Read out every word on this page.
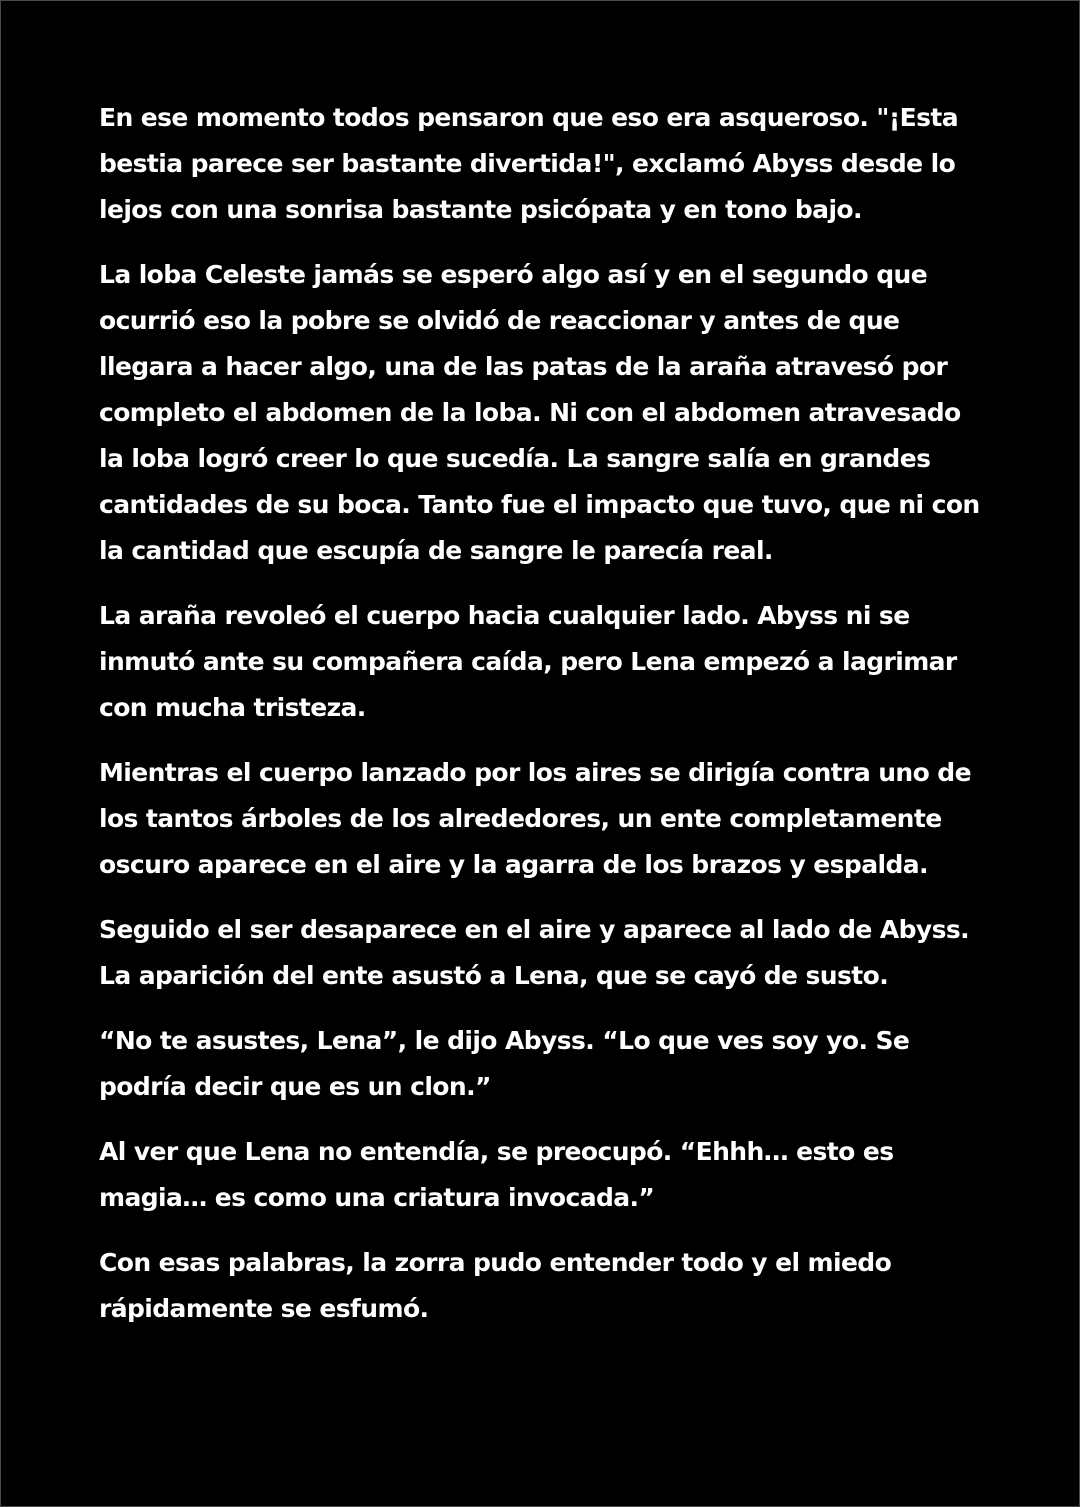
En ese momento todos pensaron que eso era asqueroso. "¡Esta
bestia parece ser bastante divertida!", exclamó Abyss desde lo
lejos con una sonrisa bastante psicópata y en tono bajo.

La loba Celeste jamás se esperó algo así y en el segundo que
ocurrió eso la pobre se olvidó de reaccionar y antes de que
llegara a hacer algo, una de las patas de la araña atravesó por
completo el abdomen de la loba. Ni con el abdomen atravesado
la loba logró creer lo que sucedía. La sangre salía en grandes
cantidades de su boca. Tanto fue el impacto que tuvo, que ni con
la cantidad que escupía de sangre le parecía real.

La araña revoleó el cuerpo hacia cualquier lado. Abyss ni se
inmutó ante su compañera caída, pero Lena empezó a lagrimar
con mucha tristeza.

Mientras el cuerpo lanzado por los aires se dirigía contra uno de
los tantos árboles de los alrededores, un ente completamente
oscuro aparece en el aire y la agarra de los brazos y espalda.

Seguido el ser desaparece en el aire y aparece al lado de Abyss.
La aparición del ente asustó a Lena, que se cayó de susto.

“No te asustes, Lena”, le dijo Abyss. “Lo que ves soy yo. Se
podría decir que es un clon.”

Al ver que Lena no entendía, se preocupó. “Ehhh… esto es
magia… es como una criatura invocada.”

Con esas palabras, la zorra pudo entender todo y el miedo
rápidamente se esfumó.
